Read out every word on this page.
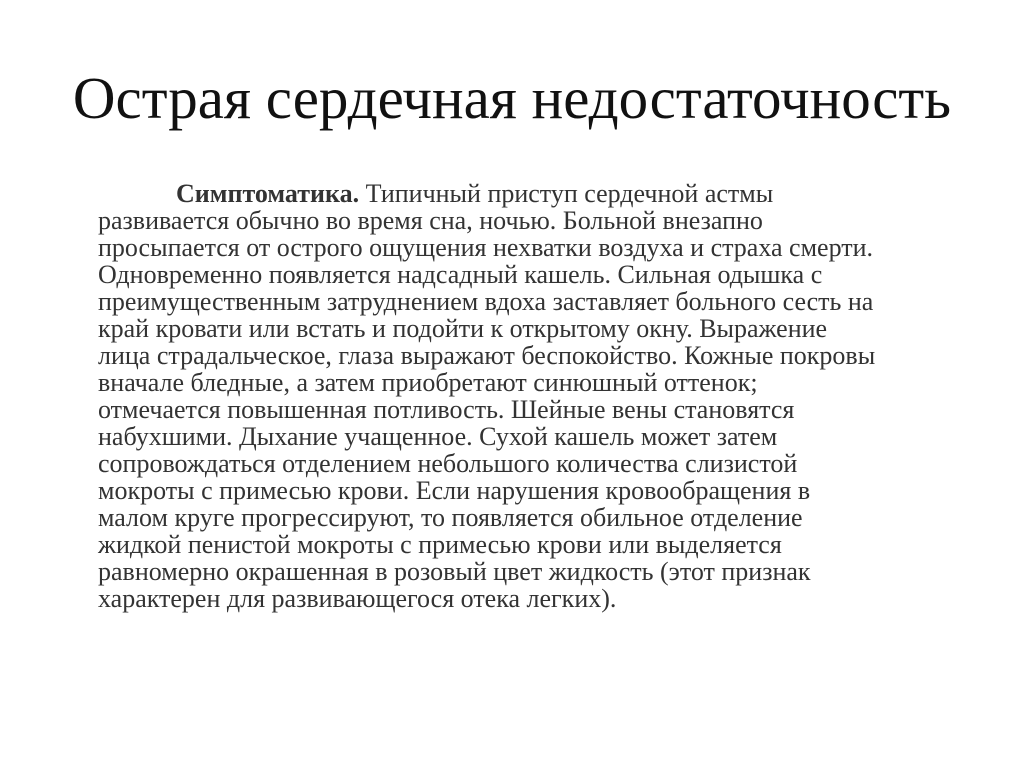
Острая сердечная недостаточность
Симптоматика. Типичный приступ сердечной астмы
развивается обычно во время сна, ночью. Больной внезапно
просыпается от острого ощущения нехватки воздуха и страха смерти.
Одновременно появляется надсадный кашель. Сильная одышка с
преимущественным затруднением вдоха заставляет больного сесть на
край кровати или встать и подойти к открытому окну. Выражение
лица страдальческое, глаза выражают беспокойство. Кожные покровы
вначале бледные, а затем приобретают синюшный оттенок;
отмечается повышенная потливость. Шейные вены становятся
набухшими. Дыхание учащенное. Сухой кашель может затем
сопровождаться отделением небольшого количества слизистой
мокроты с примесью крови. Если нарушения кровообращения в
малом круге прогрессируют, то появляется обильное отделение
жидкой пенистой мокроты с примесью крови или выделяется
равномерно окрашенная в розовый цвет жидкость (этот признак
характерен для развивающегося отека легких).
